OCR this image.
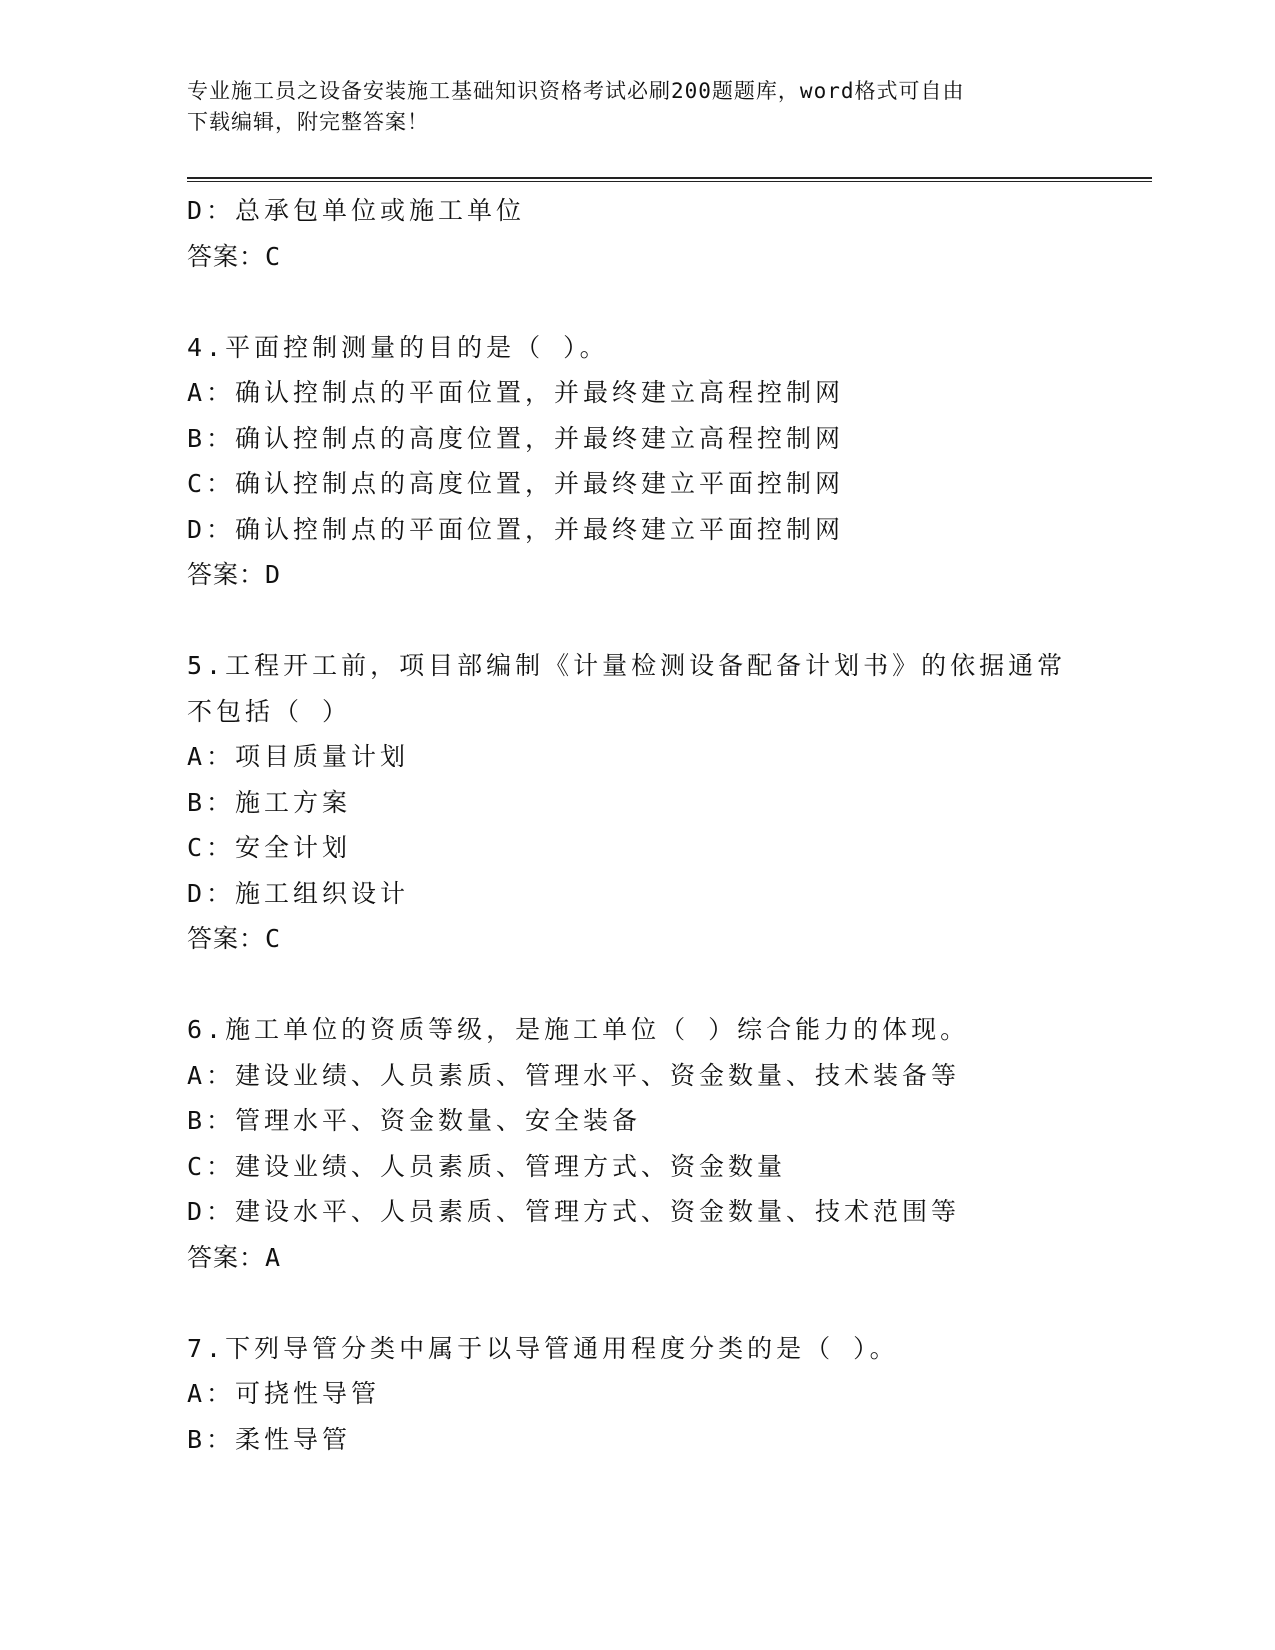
专业施工员之设备安装施工基础知识资格考试必刷200题题库，word格式可自由
下载编辑，附完整答案！
D：总承包单位或施工单位
答案：C
4.平面控制测量的目的是（ ）。
A：确认控制点的平面位置，并最终建立高程控制网
B：确认控制点的高度位置，并最终建立高程控制网
C：确认控制点的高度位置，并最终建立平面控制网
D：确认控制点的平面位置，并最终建立平面控制网
答案：D
5.工程开工前，项目部编制《计量检测设备配备计划书》的依据通常
不包括（ ）
A：项目质量计划
B：施工方案
C：安全计划
D：施工组织设计
答案：C
6.施工单位的资质等级，是施工单位（ ）综合能力的体现。
A：建设业绩、人员素质、管理水平、资金数量、技术装备等
B：管理水平、资金数量、安全装备
C：建设业绩、人员素质、管理方式、资金数量
D：建设水平、人员素质、管理方式、资金数量、技术范围等
答案：A
7.下列导管分类中属于以导管通用程度分类的是（ ）。
A：可挠性导管
B：柔性导管
